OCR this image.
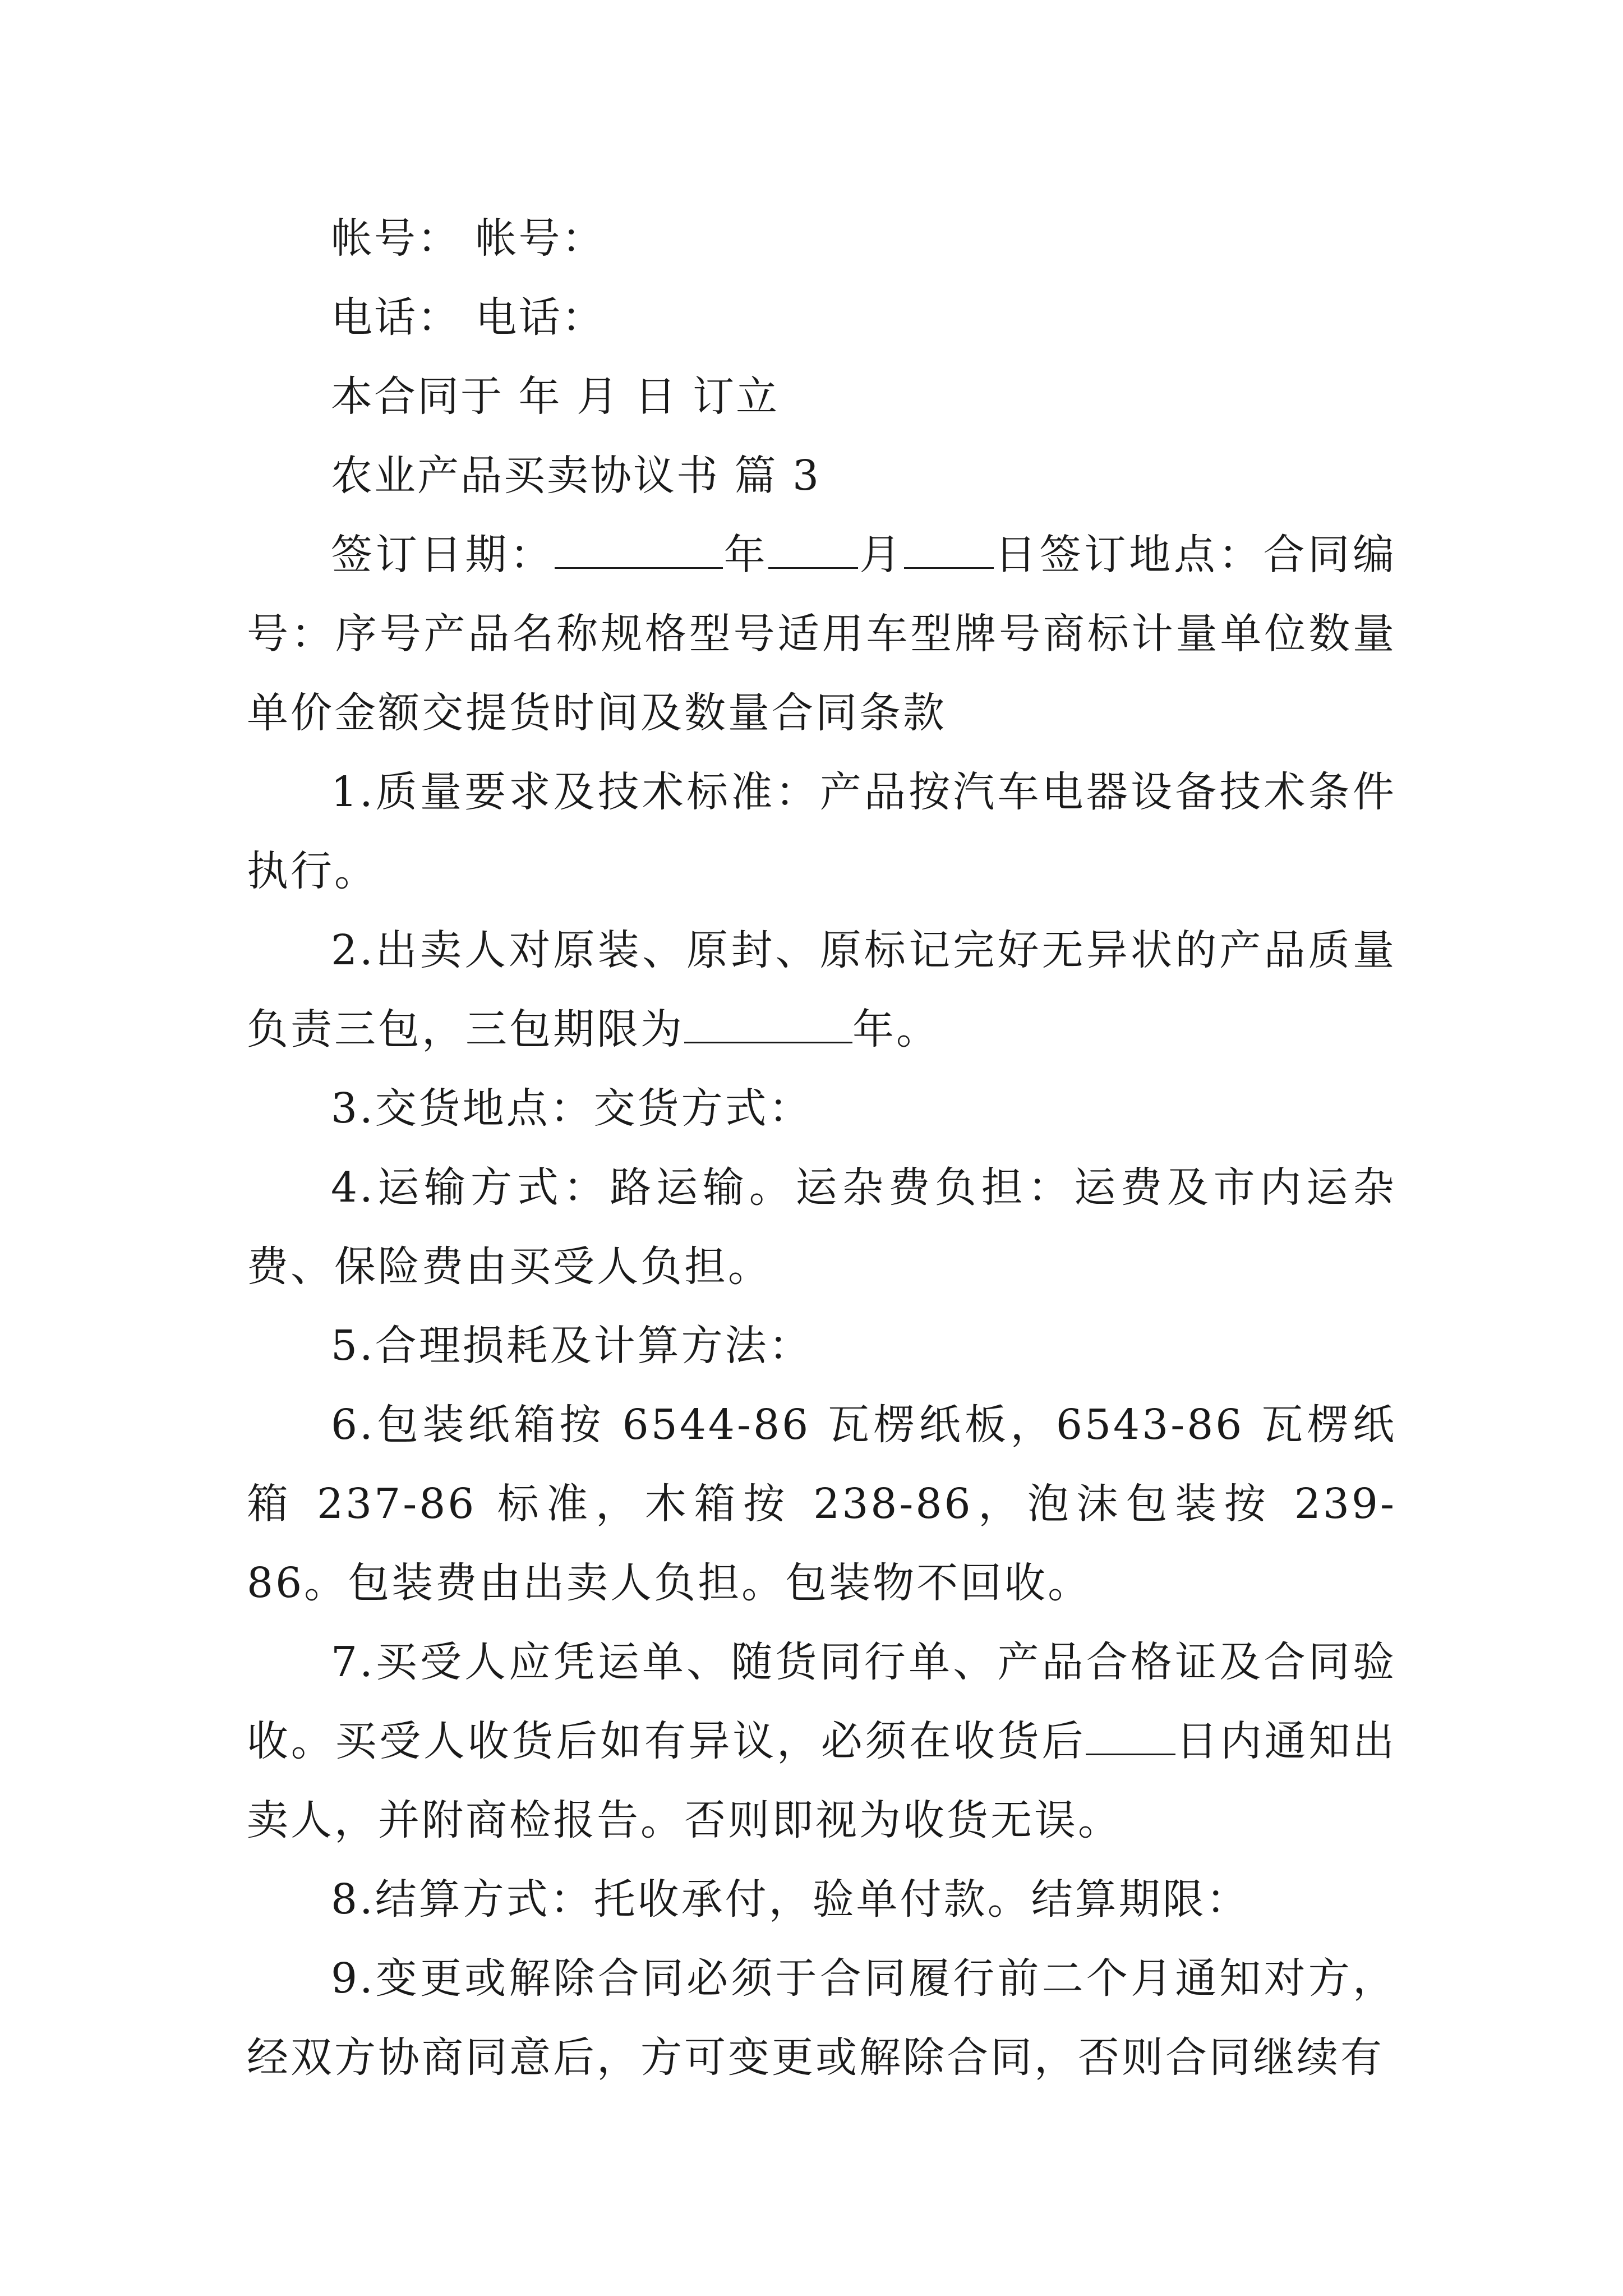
帐号： 帐号：
电话： 电话：
本合同于 年 月 日 订立
农业产品买卖协议书 篇 3

签订日期：	年 月 日签订地点：合同编号：序号产品名称规格型号适用车型牌号商标计量单位数量单价金额交提货时间及数量合同条款

1.质量要求及技术标准：产品按汽车电器设备技术条件执行。

2.出卖人对原装、原封、原标记完好无异状的产品质量负责三包，三包期限为	年。

3.交货地点：交货方式：

4.运输方式：路运输。运杂费负担：运费及市内运杂费、保险费由买受人负担。

5.合理损耗及计算方法：

6.包装纸箱按 6544-86 瓦楞纸板，6543-86 瓦楞纸箱 237-86 标准，木箱按 238-86，泡沫包装按 239-86。包装费由出卖人负担。包装物不回收。

7.买受人应凭运单、随货同行单、产品合格证及合同验收。买受人收货后如有异议，必须在收货后 日内通知出卖人，并附商检报告。否则即视为收货无误。

8.结算方式：托收承付，验单付款。结算期限：

9.变更或解除合同必须于合同履行前二个月通知对方，经双方协商同意后，方可变更或解除合同，否则合同继续有
